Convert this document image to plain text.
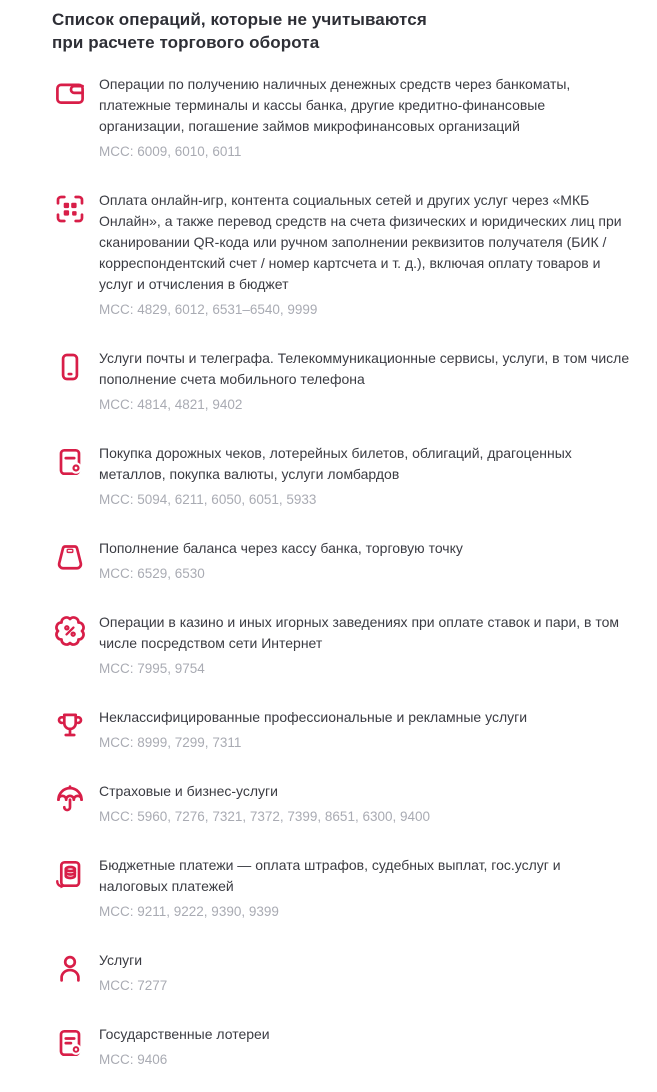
Список операций, которые не учитываются
при расчете торгового оборота
Операции по получению наличных денежных средств через банкоматы, платежные терминалы и кассы банка, другие кредитно-финансовые организации, погашение займов микрофинансовых организаций
MCC: 6009, 6010, 6011
Оплата онлайн-игр, контента социальных сетей и других услуг через «МКБ Онлайн», а также перевод средств на счета физических и юридических лиц при сканировании QR-кода или ручном заполнении реквизитов получателя (БИК / корреспондентский счет / номер картсчета и т. д.), включая оплату товаров и услуг и отчисления в бюджет
MCC: 4829, 6012, 6531–6540, 9999
Услуги почты и телеграфа. Телекоммуникационные сервисы, услуги, в том числе пополнение счета мобильного телефона
MCC: 4814, 4821, 9402
Покупка дорожных чеков, лотерейных билетов, облигаций, драгоценных металлов, покупка валюты, услуги ломбардов
MCC: 5094, 6211, 6050, 6051, 5933
Пополнение баланса через кассу банка, торговую точку
MCC: 6529, 6530
Операции в казино и иных игорных заведениях при оплате ставок и пари, в том числе посредством сети Интернет
MCC: 7995, 9754
Неклассифицированные профессиональные и рекламные услуги
MCC: 8999, 7299, 7311
Страховые и бизнес-услуги
MCC: 5960, 7276, 7321, 7372, 7399, 8651, 6300, 9400
Бюджетные платежи — оплата штрафов, судебных выплат, гос.услуг и налоговых платежей
MCC: 9211, 9222, 9390, 9399
Услуги
MCC: 7277
Государственные лотереи
MCC: 9406
